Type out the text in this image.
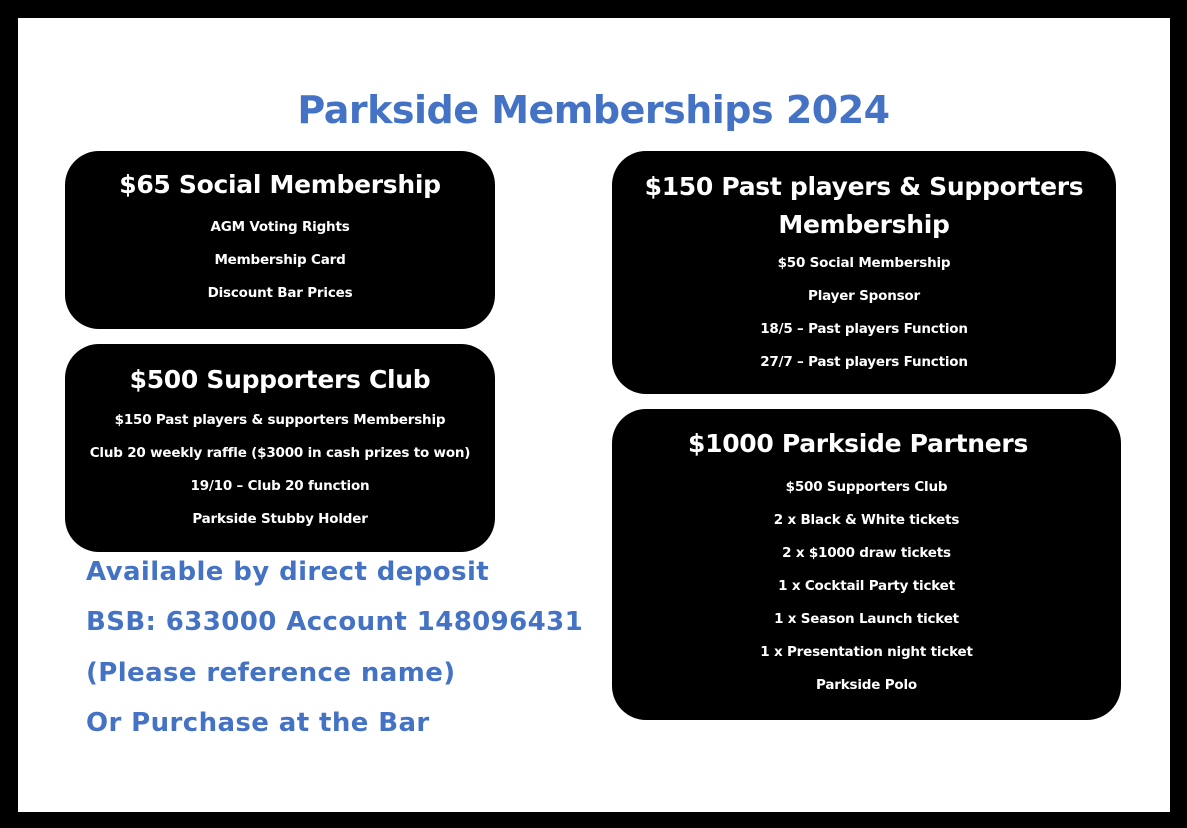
Parkside Memberships 2024
$65 Social Membership
AGM Voting Rights
Membership Card
Discount Bar Prices
$500 Supporters Club
$150 Past players & supporters Membership
Club 20 weekly raffle ($3000 in cash prizes to won)
19/10 – Club 20 function
Parkside Stubby Holder
$150 Past players & Supporters
Membership
$50 Social Membership
Player Sponsor
18/5 – Past players Function
27/7 – Past players Function
$1000 Parkside Partners
$500 Supporters Club
2 x Black & White tickets
2 x $1000 draw tickets
1 x Cocktail Party ticket
1 x Season Launch ticket
1 x Presentation night ticket
Parkside Polo
Available by direct deposit
BSB: 633000 Account 148096431
(Please reference name)
Or Purchase at the Bar
